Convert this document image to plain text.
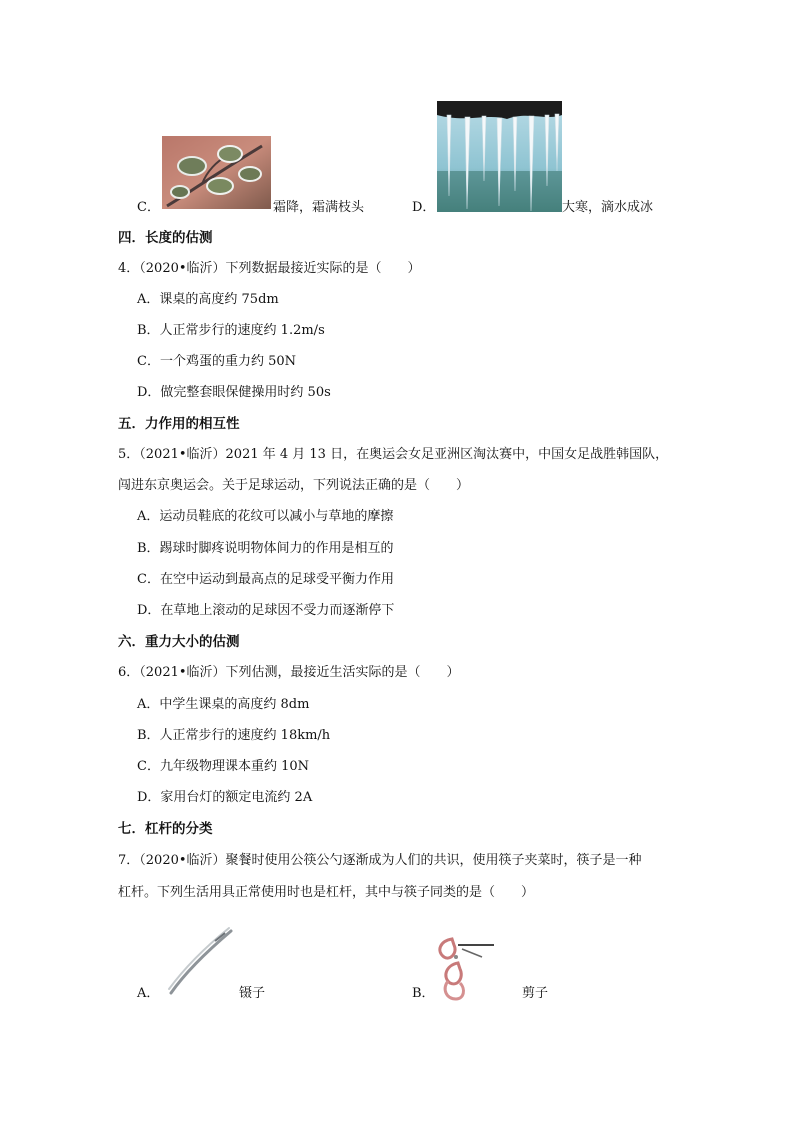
C．	霜降，霜满枝头	D．	大寒，滴水成冰
四．长度的估测
4．（2020•临沂）下列数据最接近实际的是（　　）
A．课桌的高度约 75dm
B．人正常步行的速度约 1.2m/s
C．一个鸡蛋的重力约 50N
D．做完整套眼保健操用时约 50s
五．力作用的相互性
5．（2021•临沂）2021 年 4 月 13 日，在奥运会女足亚洲区淘汰赛中，中国女足战胜韩国队，
闯进东京奥运会。关于足球运动，下列说法正确的是（　　）
A．运动员鞋底的花纹可以减小与草地的摩擦
B．踢球时脚疼说明物体间力的作用是相互的
C．在空中运动到最高点的足球受平衡力作用
D．在草地上滚动的足球因不受力而逐渐停下
六．重力大小的估测
6．（2021•临沂）下列估测，最接近生活实际的是（　　）
A．中学生课桌的高度约 8dm
B．人正常步行的速度约 18km/h
C．九年级物理课本重约 10N
D．家用台灯的额定电流约 2A
七．杠杆的分类
7．（2020•临沂）聚餐时使用公筷公勺逐渐成为人们的共识，使用筷子夹菜时，筷子是一种
杠杆。下列生活用具正常使用时也是杠杆，其中与筷子同类的是（　　）
A．	镊子	B．	剪子
